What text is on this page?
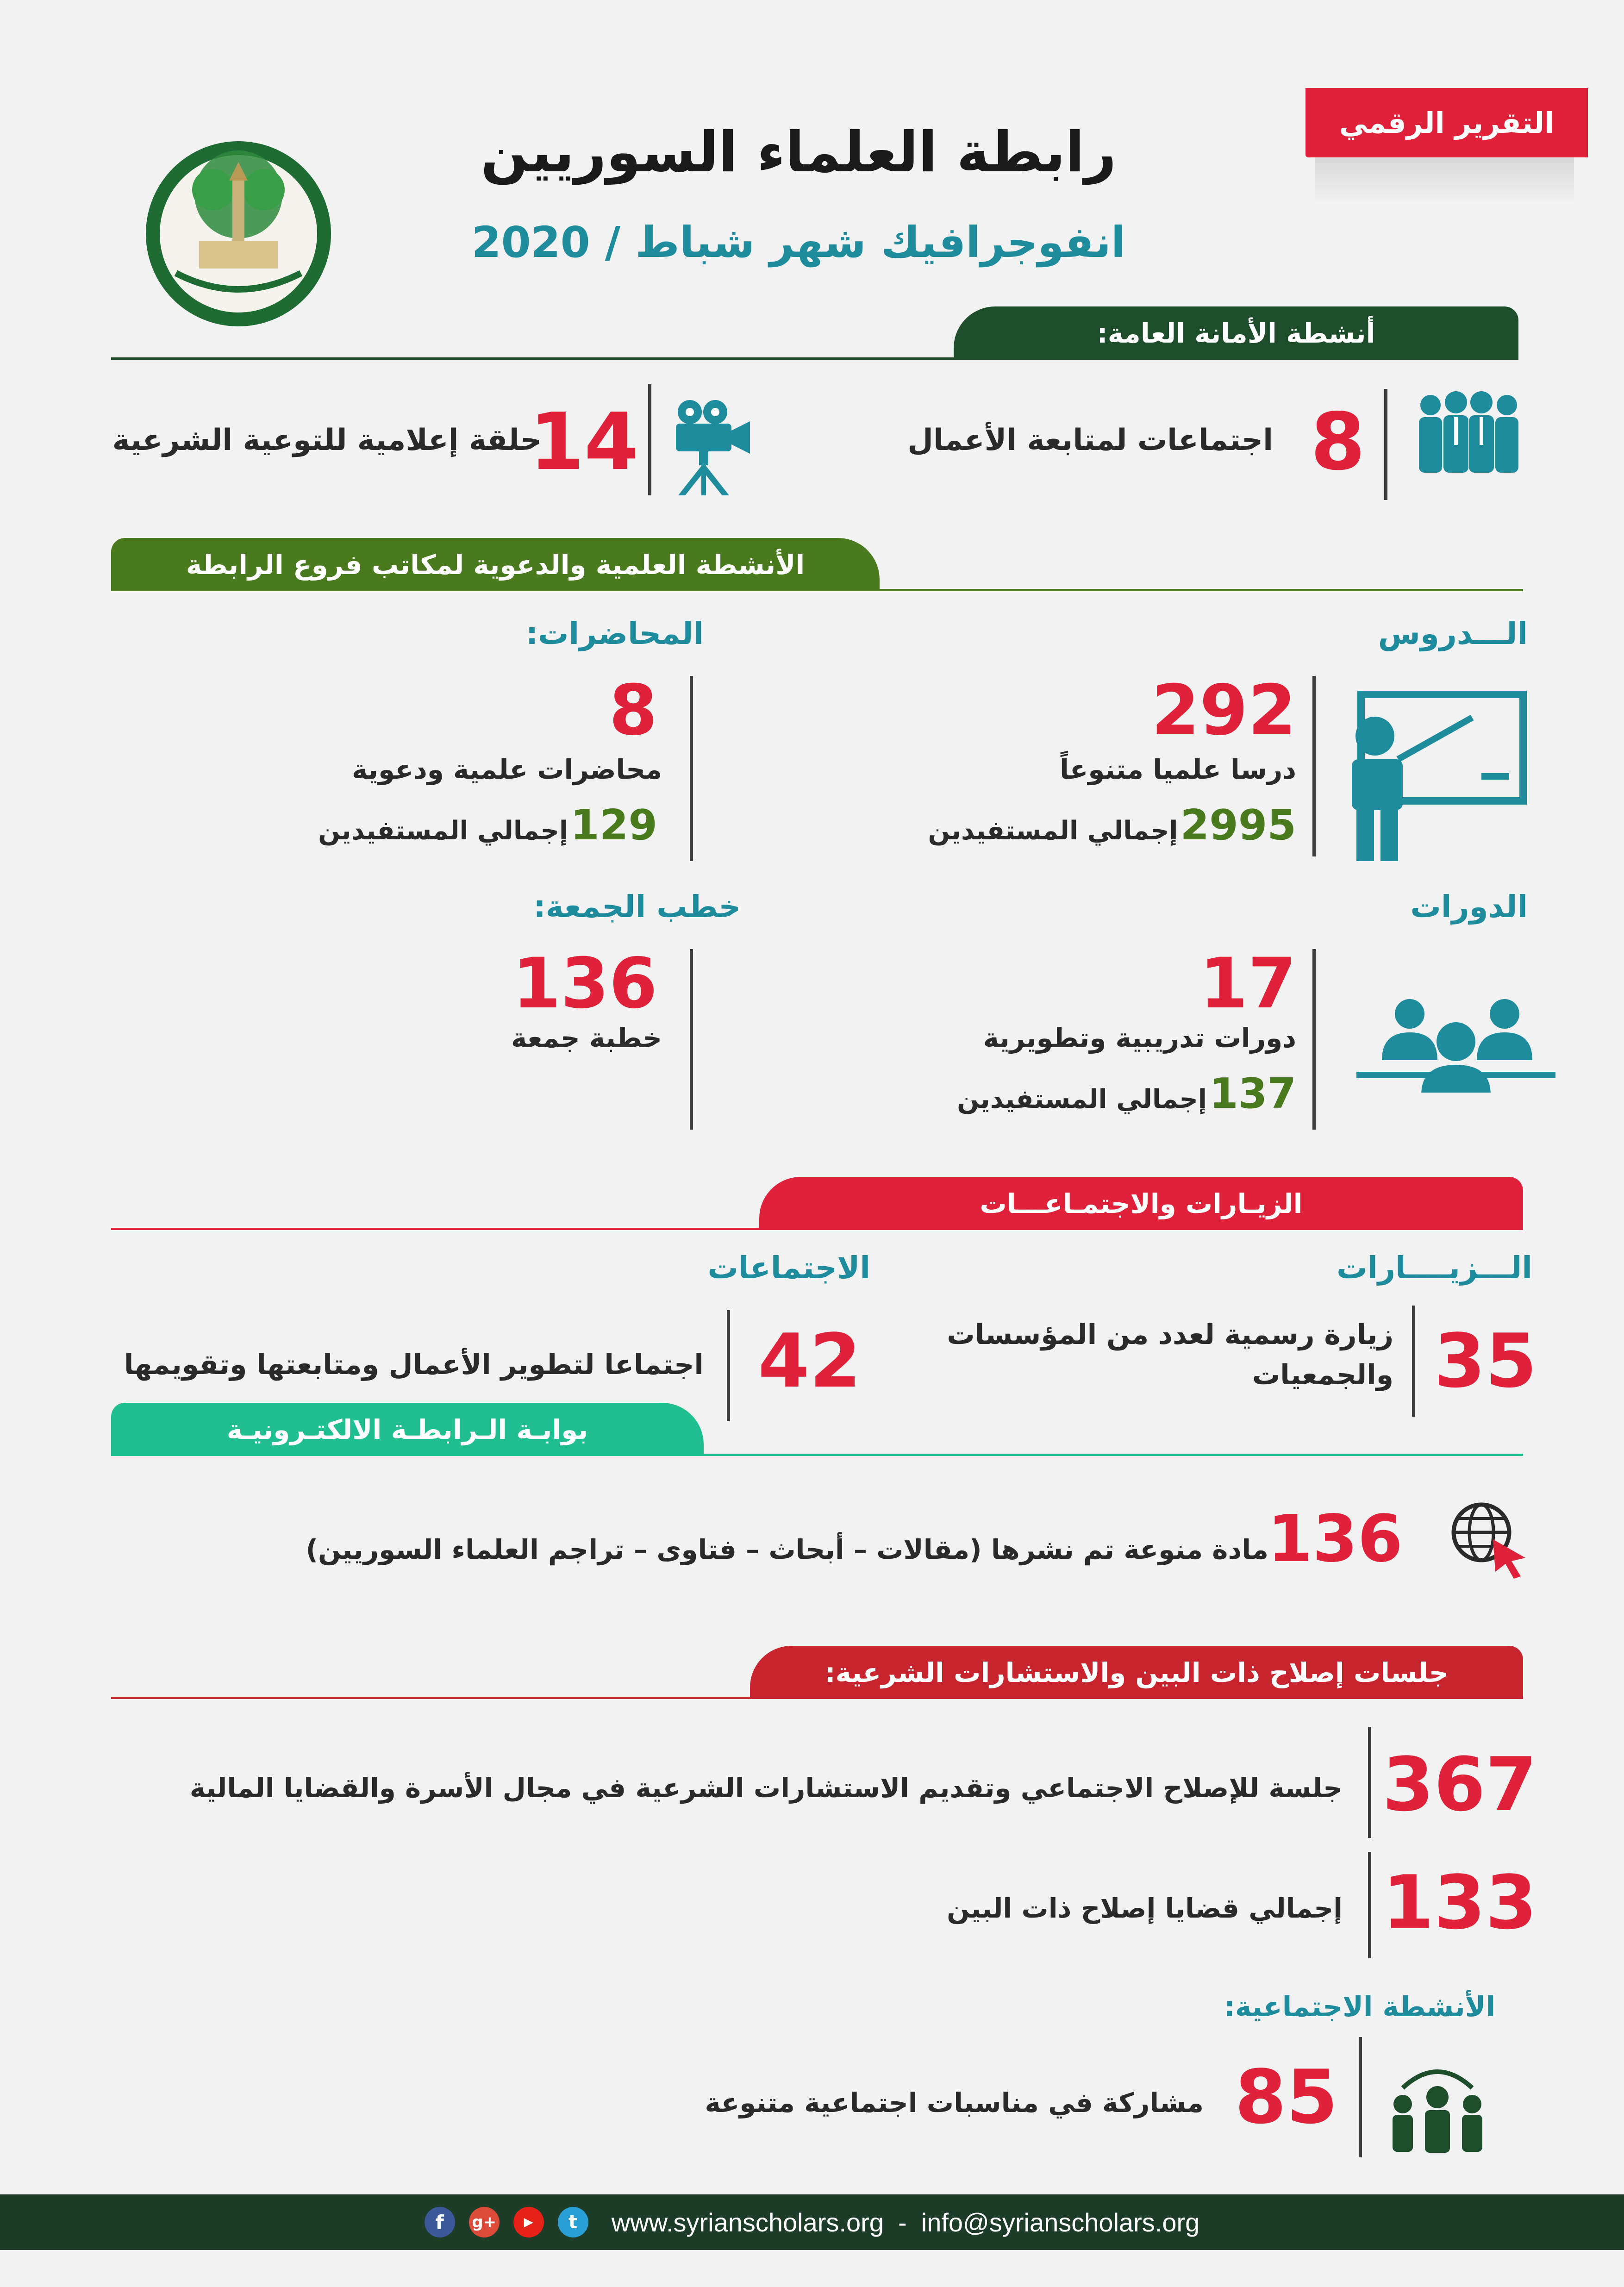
التقرير الرقمي
رابطة العلماء السوريين
انفوجرافيك شهر شباط / 2020
أنشطة الأمانة العامة:
8
اجتماعات لمتابعة الأعمال
14
حلقة إعلامية للتوعية الشرعية
الأنشطة العلمية والدعوية لمكاتب فروع الرابطة
الـــدروس
292
درسا علميا متنوعاً
2995 إجمالي المستفيدين
المحاضرات:
8
محاضرات علمية ودعوية
129 إجمالي المستفيدين
الدورات
17
دورات تدريبية وتطويرية
137 إجمالي المستفيدين
خطب الجمعة:
136
خطبة جمعة
الزيـارات والاجتمـاعـــات
الـــزيــــارات
35
زيارة رسمية لعدد من المؤسسات
والجمعيات
الاجتماعات
42
اجتماعا لتطوير الأعمال ومتابعتها وتقويمها
بوابـة الـرابطـة الالكتـرونيـة
136
مادة منوعة تم نشرها (مقالات – أبحاث – فتاوى – تراجم العلماء السوريين)
جلسات إصلاح ذات البين والاستشارات الشرعية:
367
جلسة للإصلاح الاجتماعي وتقديم الاستشارات الشرعية في مجال الأسرة والقضايا المالية
133
إجمالي قضايا إصلاح ذات البين
الأنشطة الاجتماعية:
85
مشاركة في مناسبات اجتماعية متنوعة
f	g+	▶	t	www.syrianscholars.org  -  info@syrianscholars.org
